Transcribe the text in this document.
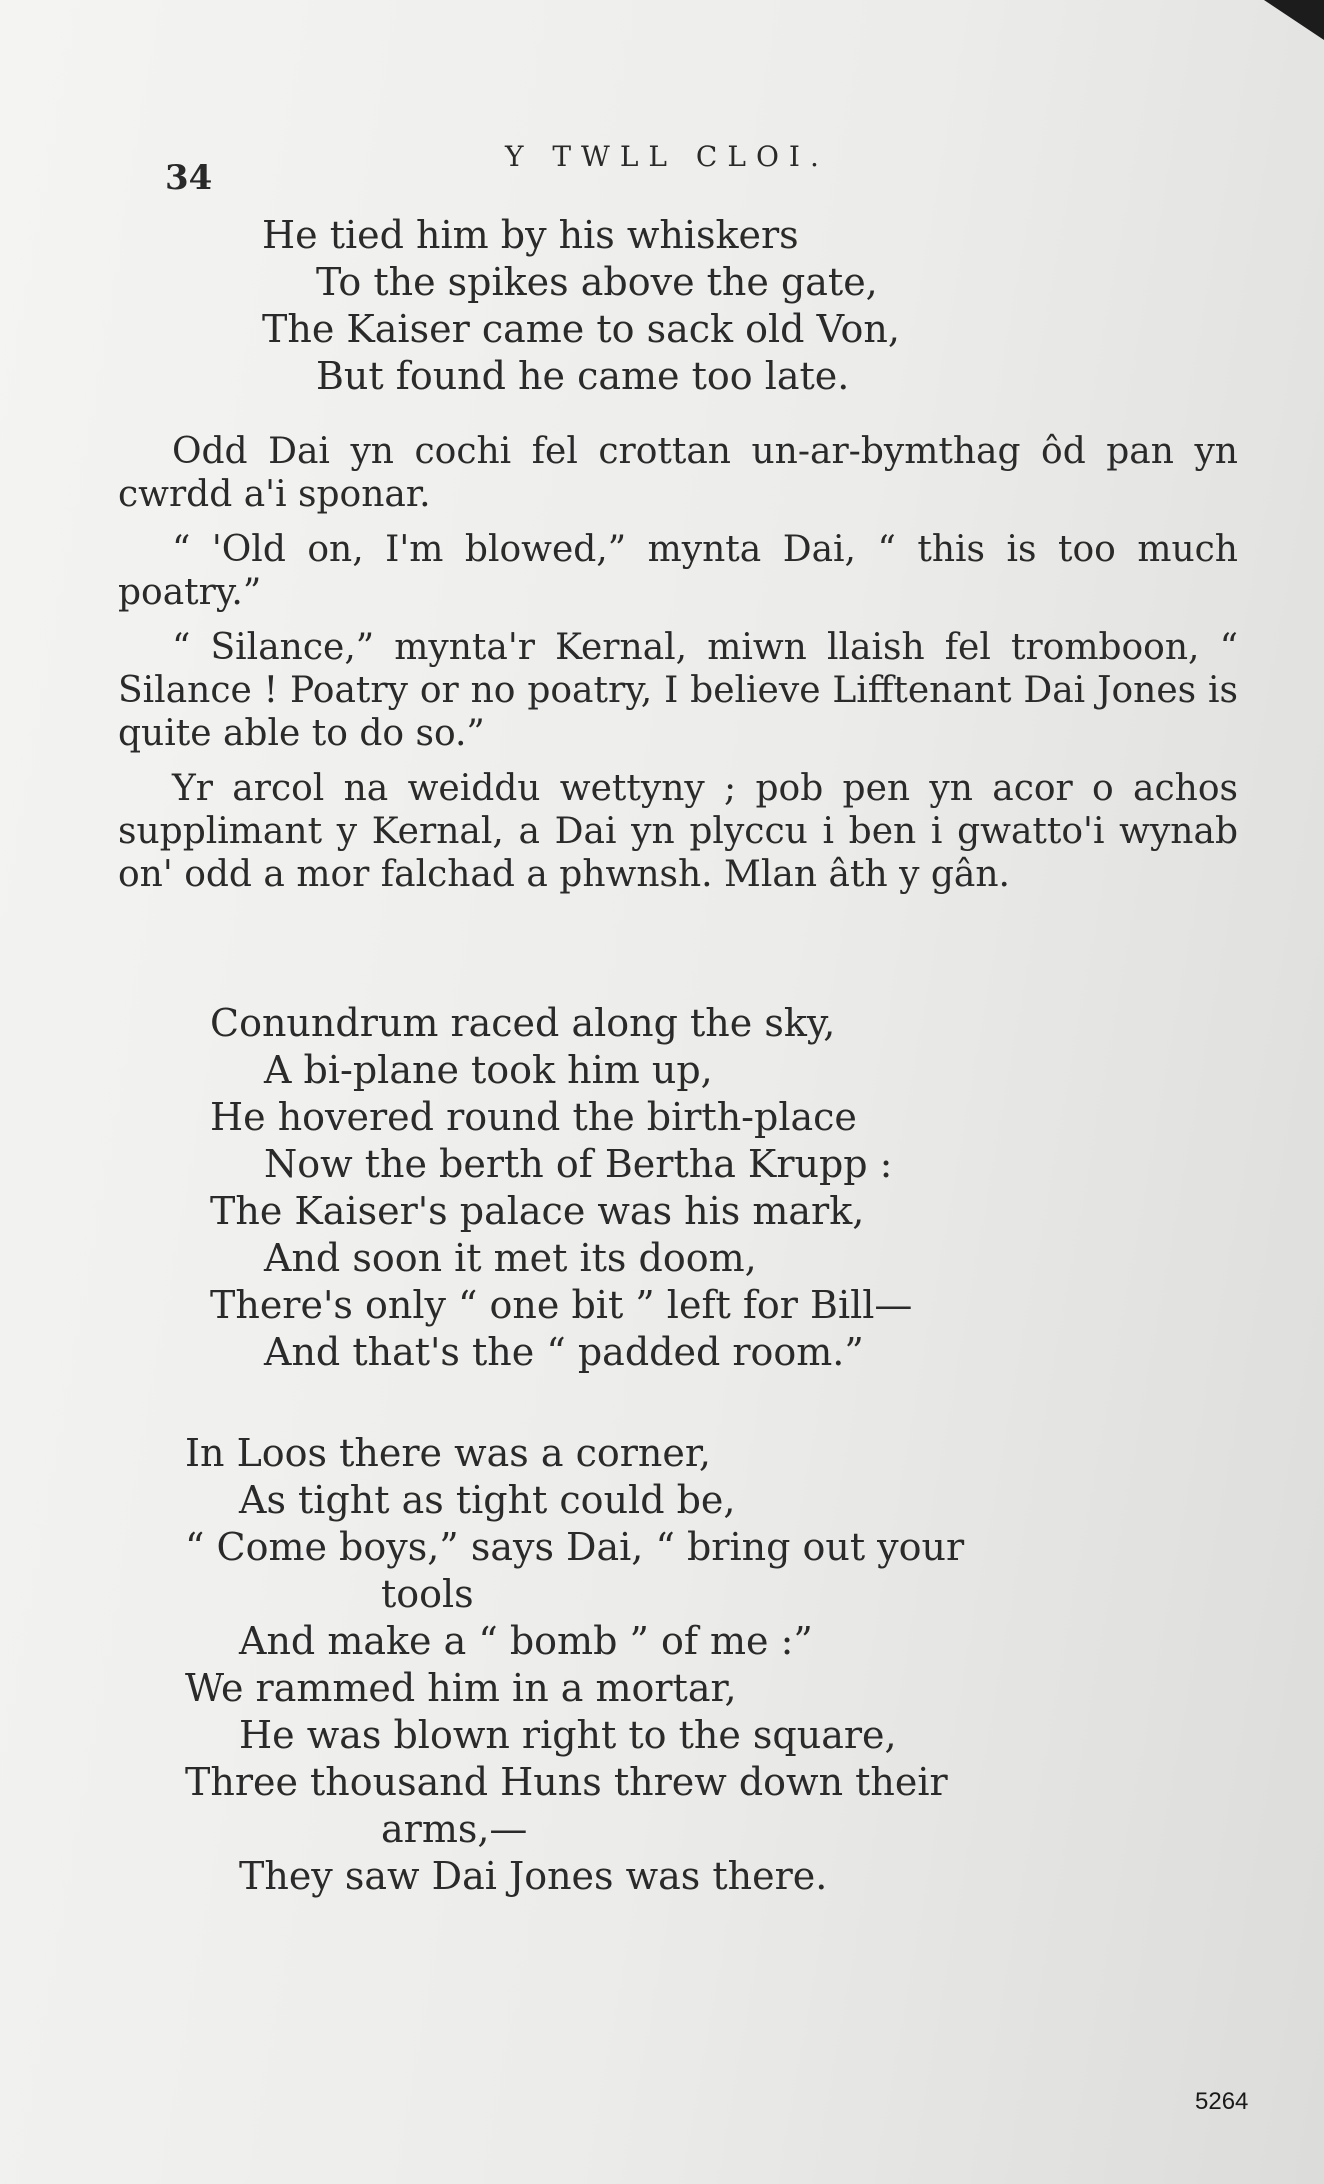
34
Y TWLL CLOI.
He tied him by his whiskers
To the spikes above the gate,
The Kaiser came to sack old Von,
But found he came too late.

Odd Dai yn cochi fel crottan un-ar-bymthag ôd pan yn cwrdd a'i sponar.

“ 'Old on, I'm blowed,” mynta Dai, “ this is too much poatry.”

“ Silance,” mynta'r Kernal, miwn llaish fel tromboon, “ Silance ! Poatry or no poatry, I believe Lifftenant Dai Jones is quite able to do so.”

Yr arcol na weiddu wettyny ; pob pen yn acor o achos supplimant y Kernal, a Dai yn plyccu i ben i gwatto'i wynab on' odd a mor falchad a phwnsh. Mlan âth y gân.

Conundrum raced along the sky,
A bi-plane took him up,
He hovered round the birth-place
Now the berth of Bertha Krupp :
The Kaiser's palace was his mark,
And soon it met its doom,
There's only “ one bit ” left for Bill—
And that's the “ padded room.”
In Loos there was a corner,
As tight as tight could be,
“ Come boys,” says Dai, “ bring out your
tools
And make a “ bomb ” of me :”
We rammed him in a mortar,
He was blown right to the square,
Three thousand Huns threw down their
arms,—
They saw Dai Jones was there.
5264
